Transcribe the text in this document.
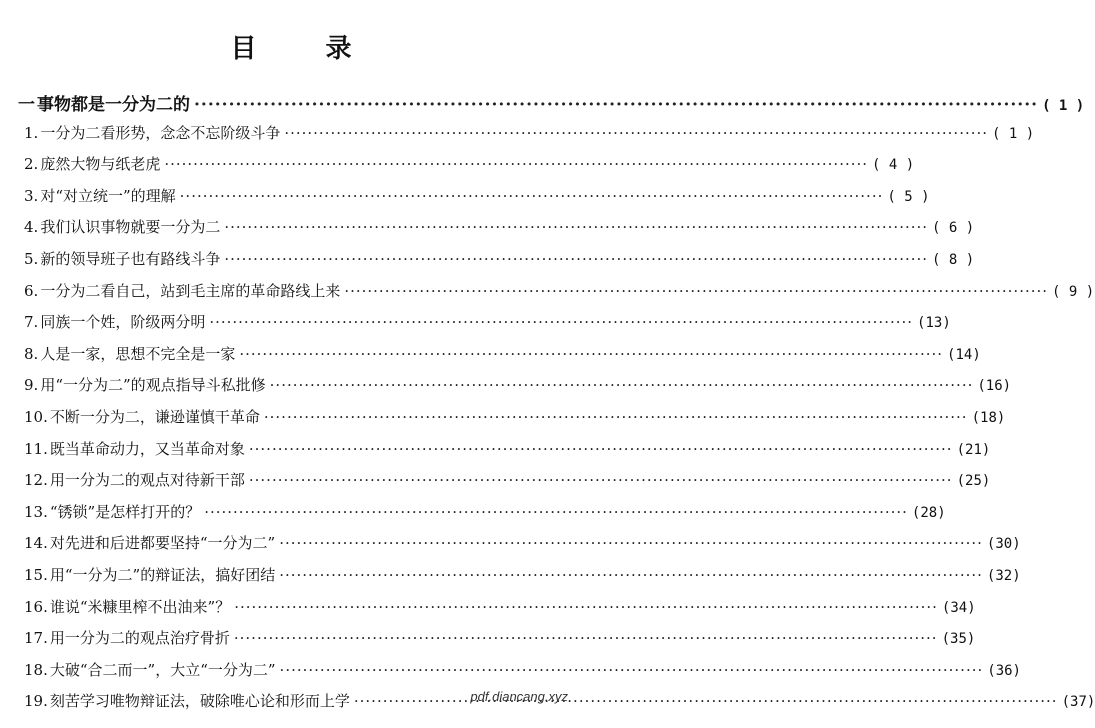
目 录
一 事物都是一分为二的 ·····	( 1 )
1. 一分为二看形势，念念不忘阶级斗争 ·····	( 1 )
2. 庞然大物与纸老虎 ·····	( 4 )
3. 对“对立统一”的理解 ·····	( 5 )
4. 我们认识事物就要一分为二 ·····	( 6 )
5. 新的领导班子也有路线斗争 ·····	( 8 )
6. 一分为二看自己，站到毛主席的革命路线上来 ·····	( 9 )
7. 同族一个姓，阶级两分明 ·····	(13)
8. 人是一家，思想不完全是一家 ·····	(14)
9. 用“一分为二”的观点指导斗私批修 ·····	(16)
10. 不断一分为二，谦逊谨慎干革命 ·····	(18)
11. 既当革命动力，又当革命对象 ·····	(21)
12. 用一分为二的观点对待新干部 ·····	(25)
13. “锈锁”是怎样打开的？ ·····	(28)
14. 对先进和后进都要坚持“一分为二” ·····	(30)
15. 用“一分为二”的辩证法，搞好团结 ·····	(32)
16. 谁说“米糠里榨不出油来”？ ·····	(34)
17. 用一分为二的观点治疗骨折 ·····	(35)
18. 大破“合二而一”，大立“一分为二” ·····	(36)
19. 刻苦学习唯物辩证法，破除唯心论和形而上学 ·····	(37)
pdf.diancang.xyz
